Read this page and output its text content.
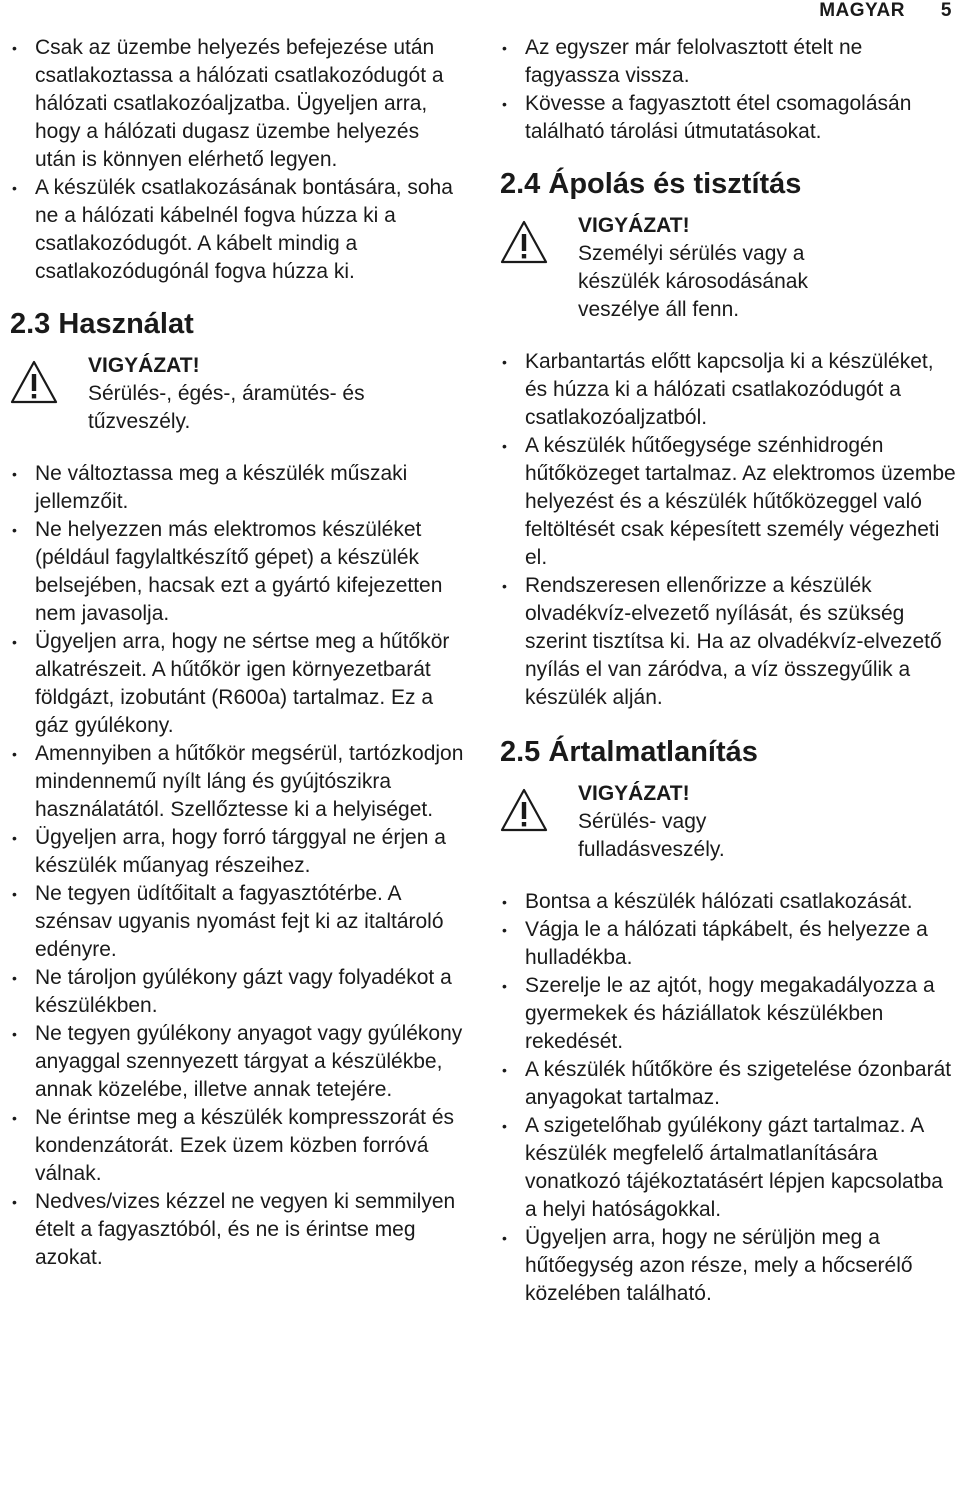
MAGYAR 5
• Csak az üzembe helyezés befejezése után csatlakoztassa a hálózati csatlakozódugót a hálózati csatlakozóaljzatba. Ügyeljen arra, hogy a hálózati dugasz üzembe helyezés után is könnyen elérhető legyen.
• A készülék csatlakozásának bontására, soha ne a hálózati kábelnél fogva húzza ki a csatlakozódugót. A kábelt mindig a csatlakozódugónál fogva húzza ki.
2.3 Használat
VIGYÁZAT!
Sérülés-, égés-, áramütés- és tűzveszély.
• Ne változtassa meg a készülék műszaki jellemzőit.
• Ne helyezzen más elektromos készüléket (például fagylaltkészítő gépet) a készülék belsejében, hacsak ezt a gyártó kifejezetten nem javasolja.
• Ügyeljen arra, hogy ne sértse meg a hűtőkör alkatrészeit. A hűtőkör igen környezetbarát földgázt, izobutánt (R600a) tartalmaz. Ez a gáz gyúlékony.
• Amennyiben a hűtőkör megsérül, tartózkodjon mindennemű nyílt láng és gyújtószikra használatától. Szellőztesse ki a helyiséget.
• Ügyeljen arra, hogy forró tárggyal ne érjen a készülék műanyag részeihez.
• Ne tegyen üdítőitalt a fagyasztótérbe. A szénsav ugyanis nyomást fejt ki az italtároló edényre.
• Ne tároljon gyúlékony gázt vagy folyadékot a készülékben.
• Ne tegyen gyúlékony anyagot vagy gyúlékony anyaggal szennyezett tárgyat a készülékbe, annak közelébe, illetve annak tetejére.
• Ne érintse meg a készülék kompresszorát és kondenzátorát. Ezek üzem közben forróvá válnak.
• Nedves/vizes kézzel ne vegyen ki semmilyen ételt a fagyasztóból, és ne is érintse meg azokat.
• Az egyszer már felolvasztott ételt ne fagyassza vissza.
• Kövesse a fagyasztott étel csomagolásán található tárolási útmutatásokat.
2.4 Ápolás és tisztítás
VIGYÁZAT!
Személyi sérülés vagy a készülék károsodásának veszélye áll fenn.
• Karbantartás előtt kapcsolja ki a készüléket, és húzza ki a hálózati csatlakozódugót a csatlakozóaljzatból.
• A készülék hűtőegysége szénhidrogén hűtőközeget tartalmaz. Az elektromos üzembe helyezést és a készülék hűtőközeggel való feltöltését csak képesített személy végezheti el.
• Rendszeresen ellenőrizze a készülék olvadékvíz-elvezető nyílását, és szükség szerint tisztítsa ki. Ha az olvadékvíz-elvezető nyílás el van záródva, a víz összegyűlik a készülék alján.
2.5 Ártalmatlanítás
VIGYÁZAT!
Sérülés- vagy fulladásveszély.
• Bontsa a készülék hálózati csatlakozását.
• Vágja le a hálózati tápkábelt, és helyezze a hulladékba.
• Szerelje le az ajtót, hogy megakadályozza a gyermekek és háziállatok készülékben rekedését.
• A készülék hűtőköre és szigetelése ózonbarát anyagokat tartalmaz.
• A szigetelőhab gyúlékony gázt tartalmaz. A készülék megfelelő ártalmatlanítására vonatkozó tájékoztatásért lépjen kapcsolatba a helyi hatóságokkal.
• Ügyeljen arra, hogy ne sérüljön meg a hűtőegység azon része, mely a hőcserélő közelében található.
